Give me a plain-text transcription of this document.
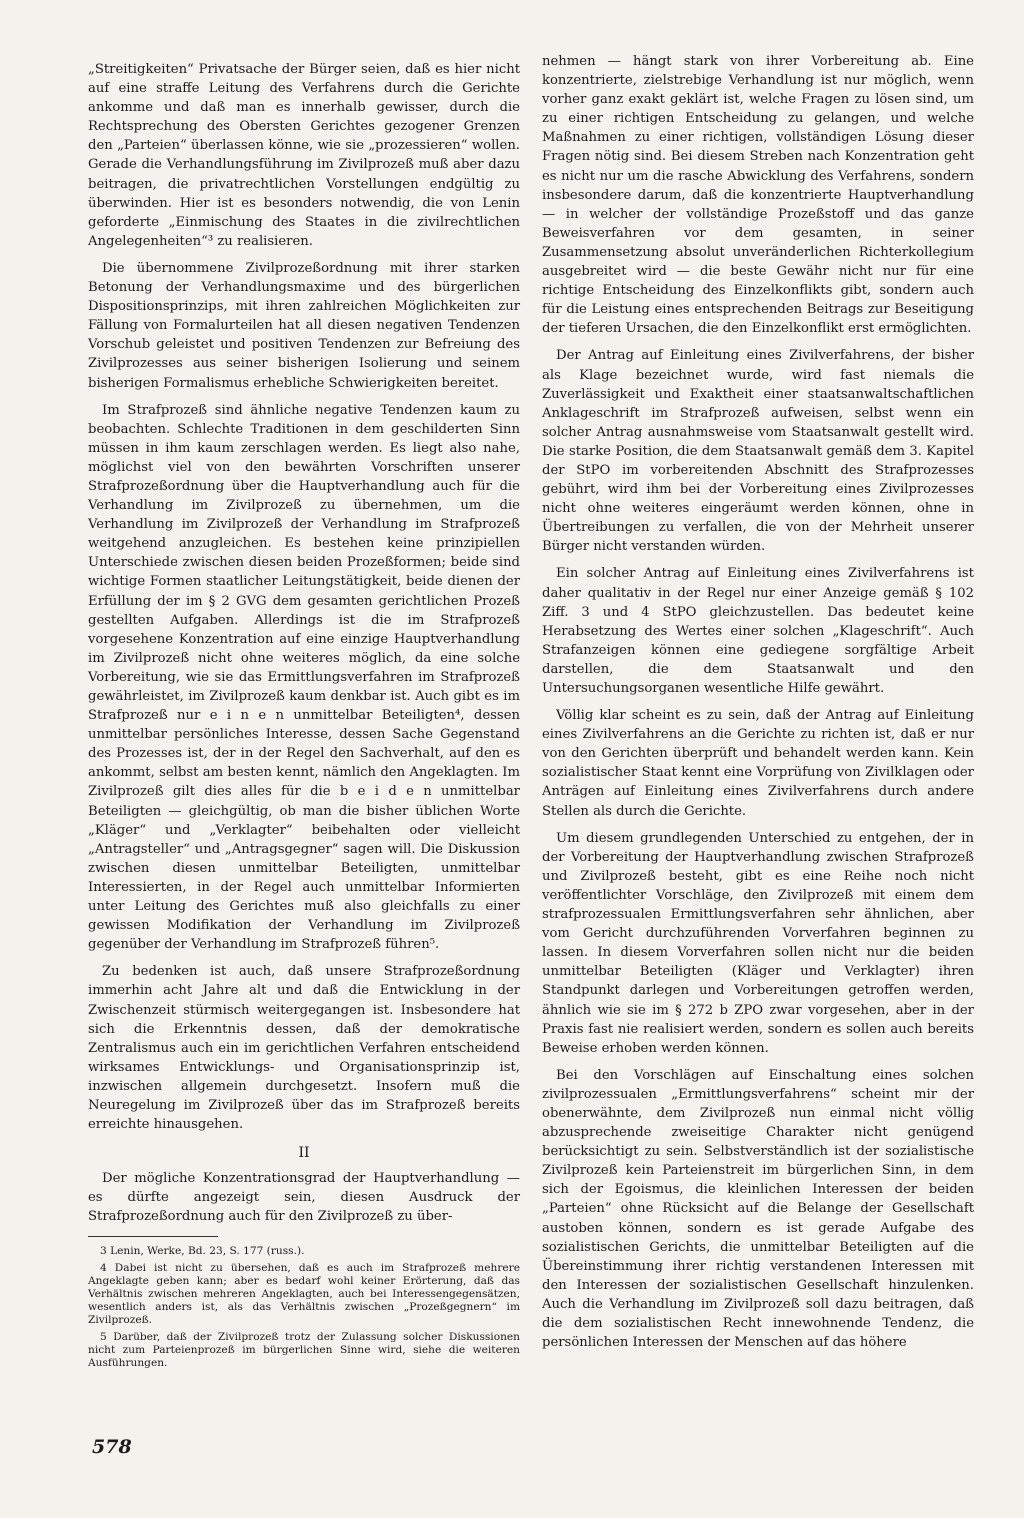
„Streitigkeiten“ Privatsache der Bürger seien, daß es hier nicht auf eine straffe Leitung des Verfahrens durch die Gerichte ankomme und daß man es innerhalb gewisser, durch die Rechtsprechung des Obersten Gerichtes gezogener Grenzen den „Parteien“ überlassen könne, wie sie „prozessieren“ wollen. Gerade die Verhandlungsführung im Zivilprozeß muß aber dazu beitragen, die privatrechtlichen Vorstellungen endgültig zu überwinden. Hier ist es besonders notwendig, die von Lenin geforderte „Einmischung des Staates in die zivilrechtlichen Angelegenheiten“³ zu realisieren.

Die übernommene Zivilprozeßordnung mit ihrer starken Betonung der Verhandlungsmaxime und des bürgerlichen Dispositionsprinzips, mit ihren zahlreichen Möglichkeiten zur Fällung von Formalurteilen hat all diesen negativen Tendenzen Vorschub geleistet und positiven Tendenzen zur Befreiung des Zivilprozesses aus seiner bisherigen Isolierung und seinem bisherigen Formalismus erhebliche Schwierigkeiten bereitet.

Im Strafprozeß sind ähnliche negative Tendenzen kaum zu beobachten. Schlechte Traditionen in dem geschilderten Sinn müssen in ihm kaum zerschlagen werden. Es liegt also nahe, möglichst viel von den bewährten Vorschriften unserer Strafprozeßordnung über die Hauptverhandlung auch für die Verhandlung im Zivilprozeß zu übernehmen, um die Verhandlung im Zivilprozeß der Verhandlung im Strafprozeß weitgehend anzugleichen. Es bestehen keine prinzipiellen Unterschiede zwischen diesen beiden Prozeßformen; beide sind wichtige Formen staatlicher Leitungstätigkeit, beide dienen der Erfüllung der im § 2 GVG dem gesamten gerichtlichen Prozeß gestellten Aufgaben. Allerdings ist die im Strafprozeß vorgesehene Konzentration auf eine einzige Hauptverhandlung im Zivilprozeß nicht ohne weiteres möglich, da eine solche Vorbereitung, wie sie das Ermittlungsverfahren im Strafprozeß gewährleistet, im Zivilprozeß kaum denkbar ist. Auch gibt es im Strafprozeß nur e i n e n unmittelbar Beteiligten⁴, dessen unmittelbar persönliches Interesse, dessen Sache Gegenstand des Prozesses ist, der in der Regel den Sachverhalt, auf den es ankommt, selbst am besten kennt, nämlich den Angeklagten. Im Zivilprozeß gilt dies alles für die b e i d e n unmittelbar Beteiligten — gleichgültig, ob man die bisher üblichen Worte „Kläger“ und „Verklagter“ beibehalten oder vielleicht „Antragsteller“ und „Antragsgegner“ sagen will. Die Diskussion zwischen diesen unmittelbar Beteiligten, unmittelbar Interessierten, in der Regel auch unmittelbar Informierten unter Leitung des Gerichtes muß also gleichfalls zu einer gewissen Modifikation der Verhandlung im Zivilprozeß gegenüber der Verhandlung im Strafprozeß führen⁵.

Zu bedenken ist auch, daß unsere Strafprozeßordnung immerhin acht Jahre alt und daß die Entwicklung in der Zwischenzeit stürmisch weitergegangen ist. Insbesondere hat sich die Erkenntnis dessen, daß der demokratische Zentralismus auch ein im gerichtlichen Verfahren entscheidend wirksames Entwicklungs- und Organisationsprinzip ist, inzwischen allgemein durchgesetzt. Insofern muß die Neuregelung im Zivilprozeß über das im Strafprozeß bereits erreichte hinausgehen.

II

Der mögliche Konzentrationsgrad der Hauptverhandlung — es dürfte angezeigt sein, diesen Ausdruck der Strafprozeßordnung auch für den Zivilprozeß zu über-

3 Lenin, Werke, Bd. 23, S. 177 (russ.).

4 Dabei ist nicht zu übersehen, daß es auch im Strafprozeß mehrere Angeklagte geben kann; aber es bedarf wohl keiner Erörterung, daß das Verhältnis zwischen mehreren Angeklagten, auch bei Interessengegensätzen, wesentlich anders ist, als das Verhältnis zwischen „Prozeßgegnern“ im Zivilprozeß.

5 Darüber, daß der Zivilprozeß trotz der Zulassung solcher Diskussionen nicht zum Parteienprozeß im bürgerlichen Sinne wird, siehe die weiteren Ausführungen.

nehmen — hängt stark von ihrer Vorbereitung ab. Eine konzentrierte, zielstrebige Verhandlung ist nur möglich, wenn vorher ganz exakt geklärt ist, welche Fragen zu lösen sind, um zu einer richtigen Entscheidung zu gelangen, und welche Maßnahmen zu einer richtigen, vollständigen Lösung dieser Fragen nötig sind. Bei diesem Streben nach Konzentration geht es nicht nur um die rasche Abwicklung des Verfahrens, sondern insbesondere darum, daß die konzentrierte Hauptverhandlung — in welcher der vollständige Prozeßstoff und das ganze Beweisverfahren vor dem gesamten, in seiner Zusammensetzung absolut unveränderlichen Richterkollegium ausgebreitet wird — die beste Gewähr nicht nur für eine richtige Entscheidung des Einzelkonflikts gibt, sondern auch für die Leistung eines entsprechenden Beitrags zur Beseitigung der tieferen Ursachen, die den Einzelkonflikt erst ermöglichten.

Der Antrag auf Einleitung eines Zivilverfahrens, der bisher als Klage bezeichnet wurde, wird fast niemals die Zuverlässigkeit und Exaktheit einer staatsanwaltschaftlichen Anklageschrift im Strafprozeß aufweisen, selbst wenn ein solcher Antrag ausnahmsweise vom Staatsanwalt gestellt wird. Die starke Position, die dem Staatsanwalt gemäß dem 3. Kapitel der StPO im vorbereitenden Abschnitt des Strafprozesses gebührt, wird ihm bei der Vorbereitung eines Zivilprozesses nicht ohne weiteres eingeräumt werden können, ohne in Übertreibungen zu verfallen, die von der Mehrheit unserer Bürger nicht verstanden würden.

Ein solcher Antrag auf Einleitung eines Zivilverfahrens ist daher qualitativ in der Regel nur einer Anzeige gemäß § 102 Ziff. 3 und 4 StPO gleichzustellen. Das bedeutet keine Herabsetzung des Wertes einer solchen „Klageschrift“. Auch Strafanzeigen können eine gediegene sorgfältige Arbeit darstellen, die dem Staatsanwalt und den Untersuchungsorganen wesentliche Hilfe gewährt.

Völlig klar scheint es zu sein, daß der Antrag auf Einleitung eines Zivilverfahrens an die Gerichte zu richten ist, daß er nur von den Gerichten überprüft und behandelt werden kann. Kein sozialistischer Staat kennt eine Vorprüfung von Zivilklagen oder Anträgen auf Einleitung eines Zivilverfahrens durch andere Stellen als durch die Gerichte.

Um diesem grundlegenden Unterschied zu entgehen, der in der Vorbereitung der Hauptverhandlung zwischen Strafprozeß und Zivilprozeß besteht, gibt es eine Reihe noch nicht veröffentlichter Vorschläge, den Zivilprozeß mit einem dem strafprozessualen Ermittlungsverfahren sehr ähnlichen, aber vom Gericht durchzuführenden Vorverfahren beginnen zu lassen. In diesem Vorverfahren sollen nicht nur die beiden unmittelbar Beteiligten (Kläger und Verklagter) ihren Standpunkt darlegen und Vorbereitungen getroffen werden, ähnlich wie sie im § 272 b ZPO zwar vorgesehen, aber in der Praxis fast nie realisiert werden, sondern es sollen auch bereits Beweise erhoben werden können.

Bei den Vorschlägen auf Einschaltung eines solchen zivilprozessualen „Ermittlungsverfahrens“ scheint mir der obenerwähnte, dem Zivilprozeß nun einmal nicht völlig abzusprechende zweiseitige Charakter nicht genügend berücksichtigt zu sein. Selbstverständlich ist der sozialistische Zivilprozeß kein Parteienstreit im bürgerlichen Sinn, in dem sich der Egoismus, die kleinlichen Interessen der beiden „Parteien“ ohne Rücksicht auf die Belange der Gesellschaft austoben können, sondern es ist gerade Aufgabe des sozialistischen Gerichts, die unmittelbar Beteiligten auf die Übereinstimmung ihrer richtig verstandenen Interessen mit den Interessen der sozialistischen Gesellschaft hinzulenken. Auch die Verhandlung im Zivilprozeß soll dazu beitragen, daß die dem sozialistischen Recht innewohnende Tendenz, die persönlichen Interessen der Menschen auf das höhere

578
